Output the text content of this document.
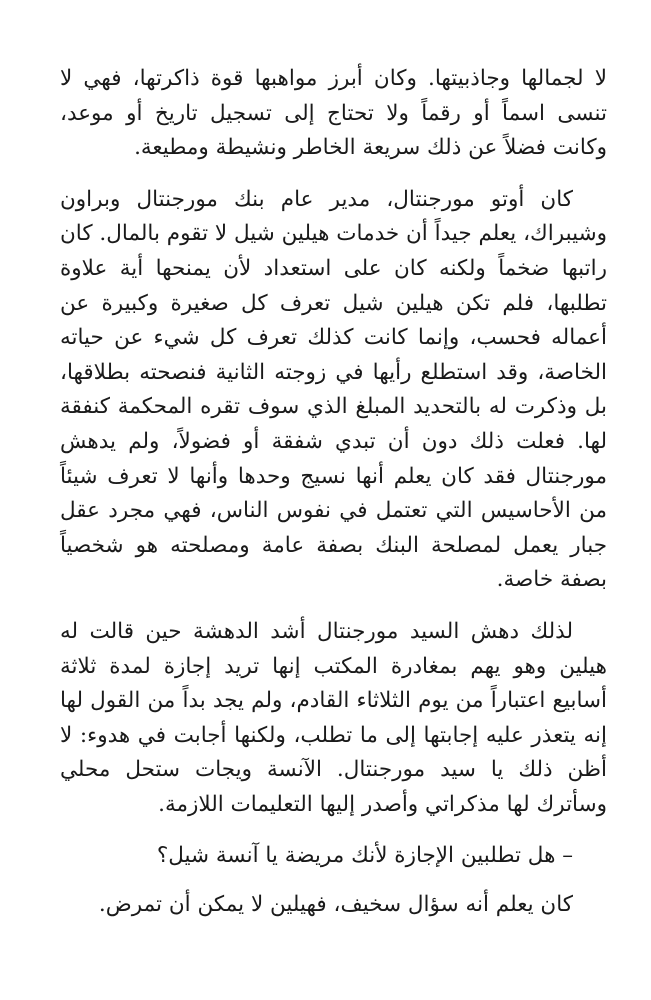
لا لجمالها وجاذبيتها. وكان أبرز مواهبها قوة ذاكرتها، فهي لا تنسى اسماً أو رقماً ولا تحتاج إلى تسجيل تاريخ أو موعد، وكانت فضلاً عن ذلك سريعة الخاطر ونشيطة ومطيعة.

كان أوتو مورجنتال، مدير عام بنك مورجنتال وبراون وشيبراك، يعلم جيداً أن خدمات هيلين شيل لا تقوم بالمال. كان راتبها ضخماً ولكنه كان على استعداد لأن يمنحها أية علاوة تطلبها، فلم تكن هيلين شيل تعرف كل صغيرة وكبيرة عن أعماله فحسب، وإنما كانت كذلك تعرف كل شيء عن حياته الخاصة، وقد استطلع رأيها في زوجته الثانية فنصحته بطلاقها، بل وذكرت له بالتحديد المبلغ الذي سوف تقره المحكمة كنفقة لها. فعلت ذلك دون أن تبدي شفقة أو فضولاً، ولم يدهش مورجنتال فقد كان يعلم أنها نسيج وحدها وأنها لا تعرف شيئاً من الأحاسيس التي تعتمل في نفوس الناس، فهي مجرد عقل جبار يعمل لمصلحة البنك بصفة عامة ومصلحته هو شخصياً بصفة خاصة.

لذلك دهش السيد مورجنتال أشد الدهشة حين قالت له هيلين وهو يهم بمغادرة المكتب إنها تريد إجازة لمدة ثلاثة أسابيع اعتباراً من يوم الثلاثاء القادم، ولم يجد بداً من القول لها إنه يتعذر عليه إجابتها إلى ما تطلب، ولكنها أجابت في هدوء: لا أظن ذلك يا سيد مورجنتال. الآنسة ويجات ستحل محلي وسأترك لها مذكراتي وأصدر إليها التعليمات اللازمة.

– هل تطلبين الإجازة لأنك مريضة يا آنسة شيل؟

كان يعلم أنه سؤال سخيف، فهيلين لا يمكن أن تمرض.
